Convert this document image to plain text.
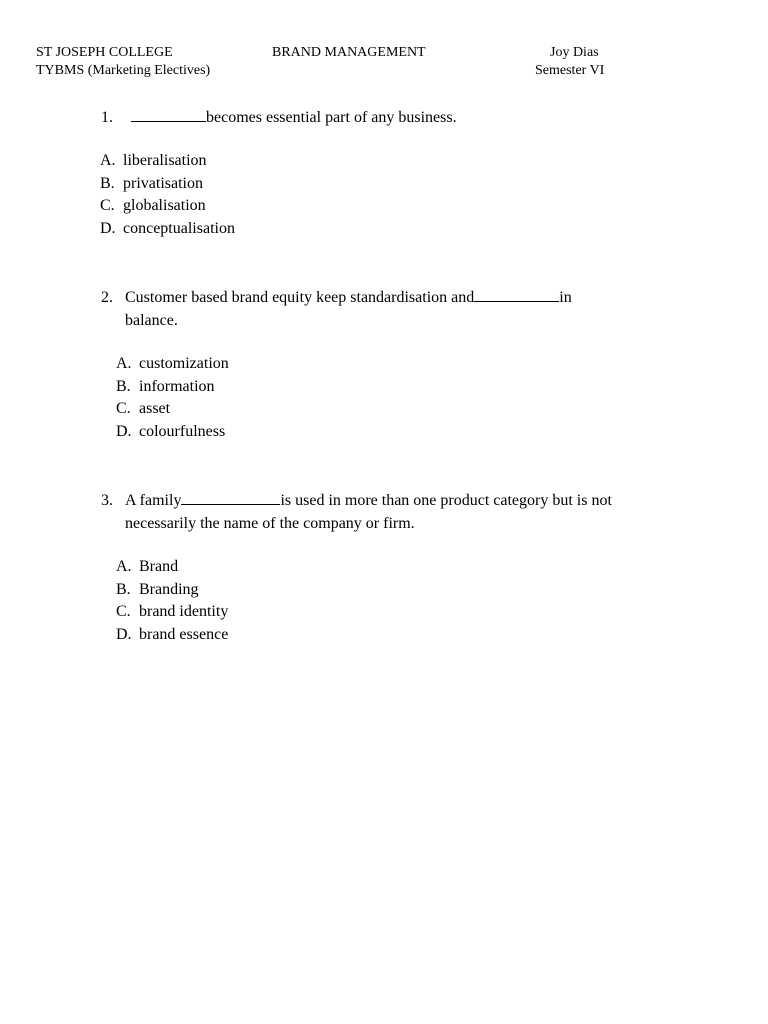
ST JOSEPH COLLEGE	BRAND MANAGEMENT	Joy Dias
TYBMS (Marketing Electives)	Semester VI
1.	becomes essential part of any business.
A. liberalisation
B. privatisation
C. globalisation
D. conceptualisation
2. Customer based brand equity keep standardisation and	in
balance.
A. customization
B. information
C. asset
D. colourfulness
3. A family	is used in more than one product category but is not
necessarily the name of the company or firm.
A. Brand
B. Branding
C. brand identity
D. brand essence
